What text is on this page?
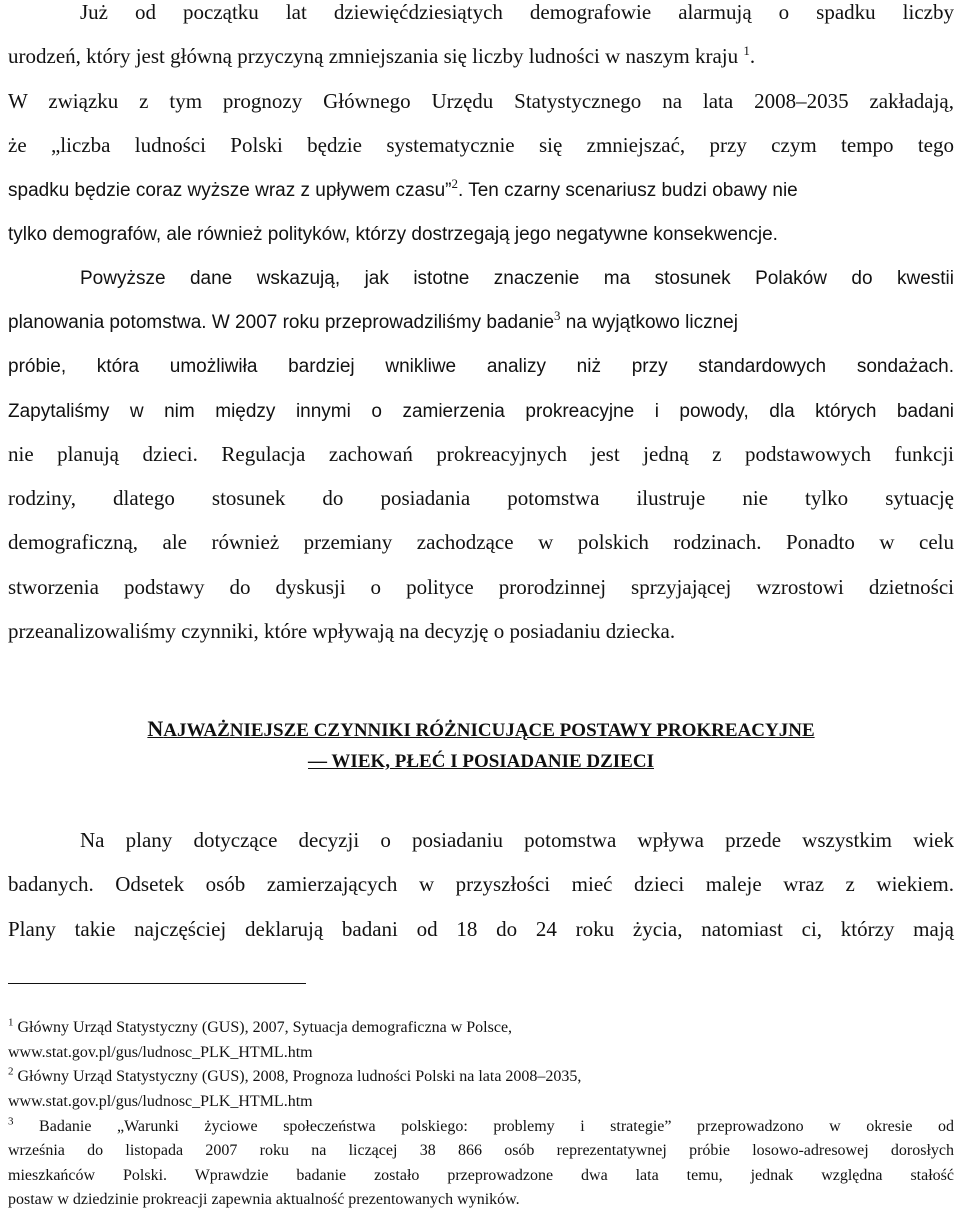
Już od początku lat dziewięćdziesiątych demografowie alarmują o spadku liczby
urodzeń, który jest główną przyczyną zmniejszania się liczby ludności w naszym kraju $^1$.
W związku z tym prognozy Głównego Urzędu Statystycznego na lata 2008–2035 zakładają,
że „liczba ludności Polski będzie systematycznie się zmniejszać, przy czym tempo tego
spadku będzie coraz wyższe wraz z upływem czasu”$^2$. Ten czarny scenariusz budzi obawy nie
tylko demografów, ale również polityków, którzy dostrzegają jego negatywne konsekwencje.
Powyższe dane wskazują, jak istotne znaczenie ma stosunek Polaków do kwestii
planowania potomstwa. W 2007 roku przeprowadziliśmy badanie$^3$ na wyjątkowo licznej
próbie, która umożliwiła bardziej wnikliwe analizy niż przy standardowych sondażach.
Zapytaliśmy w nim między innymi o zamierzenia prokreacyjne i powody, dla których badani
nie planują dzieci. Regulacja zachowań prokreacyjnych jest jedną z podstawowych funkcji
rodziny, dlatego stosunek do posiadania potomstwa ilustruje nie tylko sytuację
demograficzną, ale również przemiany zachodzące w polskich rodzinach. Ponadto w celu
stworzenia podstawy do dyskusji o polityce prorodzinnej sprzyjającej wzrostowi dzietności
przeanalizowaliśmy czynniki, które wpływają na decyzję o posiadaniu dziecka.
NAJWAŻNIEJSZE CZYNNIKI RÓŻNICUJĄCE POSTAWY PROKREACYJNE
— WIEK, PŁEĆ I POSIADANIE DZIECI
Na plany dotyczące decyzji o posiadaniu potomstwa wpływa przede wszystkim wiek
badanych. Odsetek osób zamierzających w przyszłości mieć dzieci maleje wraz z wiekiem.
Plany takie najczęściej deklarują badani od 18 do 24 roku życia, natomiast ci, którzy mają
$^1$ Główny Urząd Statystyczny (GUS), 2007, Sytuacja demograficzna w Polsce,
www.stat.gov.pl/gus/ludnosc_PLK_HTML.htm
$^2$ Główny Urząd Statystyczny (GUS), 2008, Prognoza ludności Polski na lata 2008–2035,
www.stat.gov.pl/gus/ludnosc_PLK_HTML.htm
$^3$ Badanie „Warunki życiowe społeczeństwa polskiego: problemy i strategie” przeprowadzono w okresie od
września do listopada 2007 roku na liczącej 38 866 osób reprezentatywnej próbie losowo-adresowej dorosłych
mieszkańców Polski. Wprawdzie badanie zostało przeprowadzone dwa lata temu, jednak względna stałość
postaw w dziedzinie prokreacji zapewnia aktualność prezentowanych wyników.
